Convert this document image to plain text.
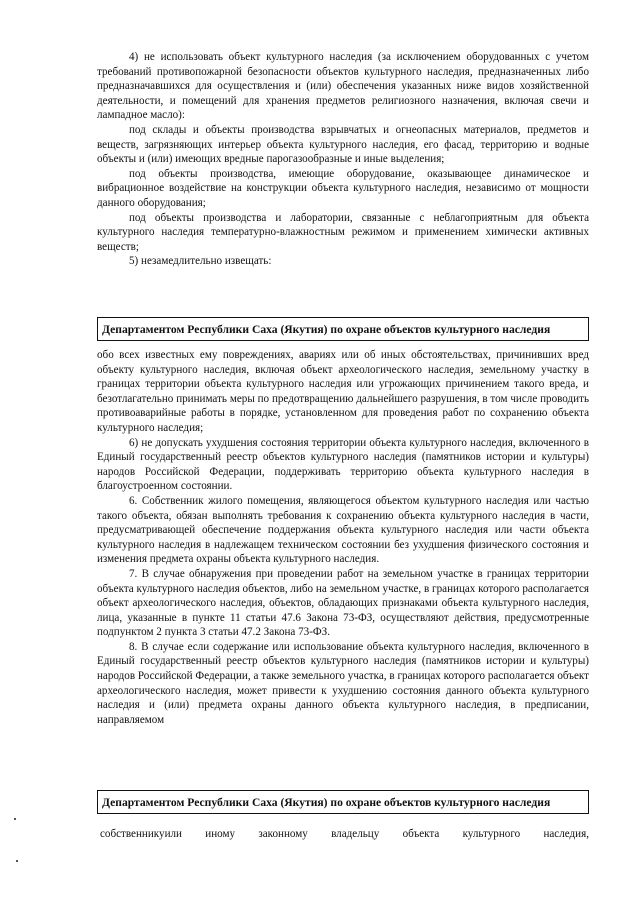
4) не использовать объект культурного наследия (за исключением оборудованных с учетом требований противопожарной безопасности объектов культурного наследия, предназначенных либо предназначавшихся для осуществления и (или) обеспечения указанных ниже видов хозяйственной деятельности, и помещений для хранения предметов религиозного назначения, включая свечи и лампадное масло):

под склады и объекты производства взрывчатых и огнеопасных материалов, предметов и веществ, загрязняющих интерьер объекта культурного наследия, его фасад, территорию и водные объекты и (или) имеющих вредные парогазообразные и иные выделения;

под объекты производства, имеющие оборудование, оказывающее динамическое и вибрационное воздействие на конструкции объекта культурного наследия, независимо от мощности данного оборудования;

под объекты производства и лаборатории, связанные с неблагоприятным для объекта культурного наследия температурно-влажностным режимом и применением химически активных веществ;

5) незамедлительно извещать:

Департаментом Республики Саха (Якутия) по охране объектов культурного наследия

обо всех известных ему повреждениях, авариях или об иных обстоятельствах, причинивших вред объекту культурного наследия, включая объект археологического наследия, земельному участку в границах территории объекта культурного наследия или угрожающих причинением такого вреда, и безотлагательно принимать меры по предотвращению дальнейшего разрушения, в том числе проводить противоаварийные работы в порядке, установленном для проведения работ по сохранению объекта культурного наследия;

6) не допускать ухудшения состояния территории объекта культурного наследия, включенного в Единый государственный реестр объектов культурного наследия (памятников истории и культуры) народов Российской Федерации, поддерживать территорию объекта культурного наследия в благоустроенном состоянии.

6. Собственник жилого помещения, являющегося объектом культурного наследия или частью такого объекта, обязан выполнять требования к сохранению объекта культурного наследия в части, предусматривающей обеспечение поддержания объекта культурного наследия или части объекта культурного наследия в надлежащем техническом состоянии без ухудшения физического состояния и изменения предмета охраны объекта культурного наследия.

7. В случае обнаружения при проведении работ на земельном участке в границах территории объекта культурного наследия объектов, либо на земельном участке, в границах которого располагается объект археологического наследия, объектов, обладающих признаками объекта культурного наследия, лица, указанные в пункте 11 статьи 47.6 Закона 73-ФЗ, осуществляют действия, предусмотренные подпунктом 2 пункта 3 статьи 47.2 Закона 73-ФЗ.

8. В случае если содержание или использование объекта культурного наследия, включенного в Единый государственный реестр объектов культурного наследия (памятников истории и культуры) народов Российской Федерации, а также земельного участка, в границах которого располагается объект археологического наследия, может привести к ухудшению состояния данного объекта культурного наследия и (или) предмета охраны данного объекта культурного наследия, в предписании, направляемом

Департаментом Республики Саха (Якутия) по охране объектов культурного наследия
собственникуили иному законному владельцу объекта культурного наследия,
